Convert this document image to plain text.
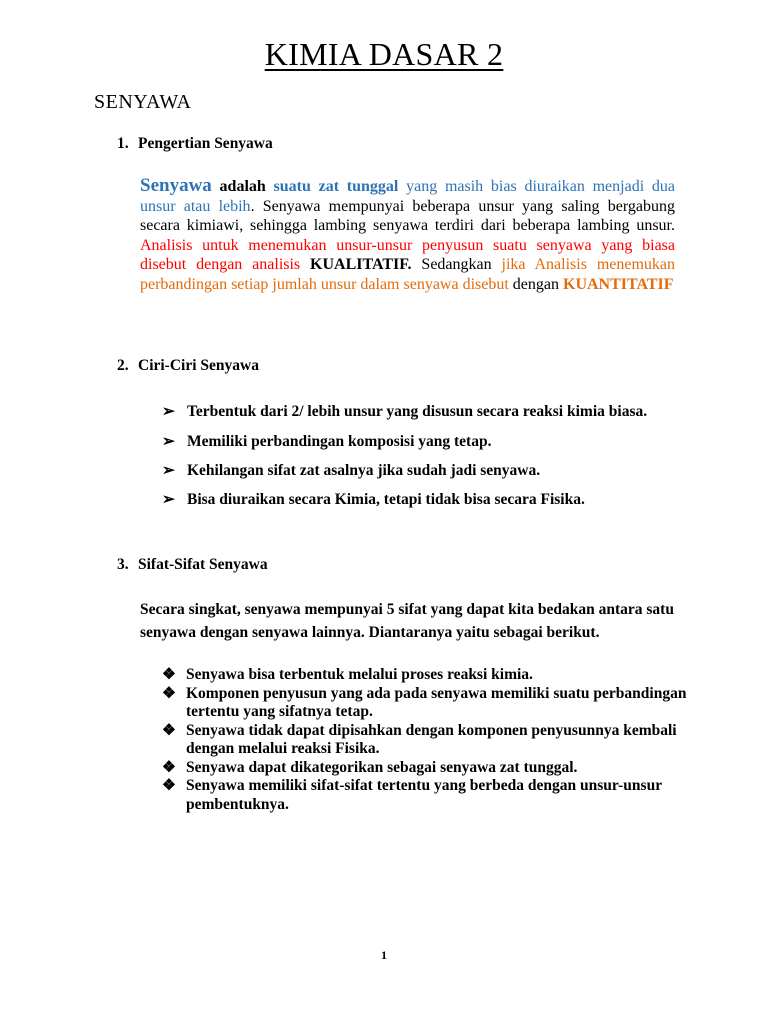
KIMIA DASAR 2
SENYAWA
1. Pengertian Senyawa
Senyawa adalah suatu zat tunggal yang masih bias diuraikan menjadi dua unsur atau lebih. Senyawa mempunyai beberapa unsur yang saling bergabung secara kimiawi, sehingga lambing senyawa terdiri dari beberapa lambing unsur. Analisis untuk menemukan unsur-unsur penyusun suatu senyawa yang biasa disebut dengan analisis KUALITATIF. Sedangkan jika Analisis menemukan perbandingan setiap jumlah unsur dalam senyawa disebut dengan KUANTITATIF
2. Ciri-Ciri Senyawa
➢ Terbentuk dari 2/ lebih unsur yang disusun secara reaksi kimia biasa.
➢ Memiliki perbandingan komposisi yang tetap.
➢ Kehilangan sifat zat asalnya jika sudah jadi senyawa.
➢ Bisa diuraikan secara Kimia, tetapi tidak bisa secara Fisika.
3. Sifat-Sifat Senyawa
Secara singkat, senyawa mempunyai 5 sifat yang dapat kita bedakan antara satu senyawa dengan senyawa lainnya. Diantaranya yaitu sebagai berikut.
❖ Senyawa bisa terbentuk melalui proses reaksi kimia.
❖ Komponen penyusun yang ada pada senyawa memiliki suatu perbandingan tertentu yang sifatnya tetap.
❖ Senyawa tidak dapat dipisahkan dengan komponen penyusunnya kembali dengan melalui reaksi Fisika.
❖ Senyawa dapat dikategorikan sebagai senyawa zat tunggal.
❖ Senyawa memiliki sifat-sifat tertentu yang berbeda dengan unsur-unsur pembentuknya.
1
